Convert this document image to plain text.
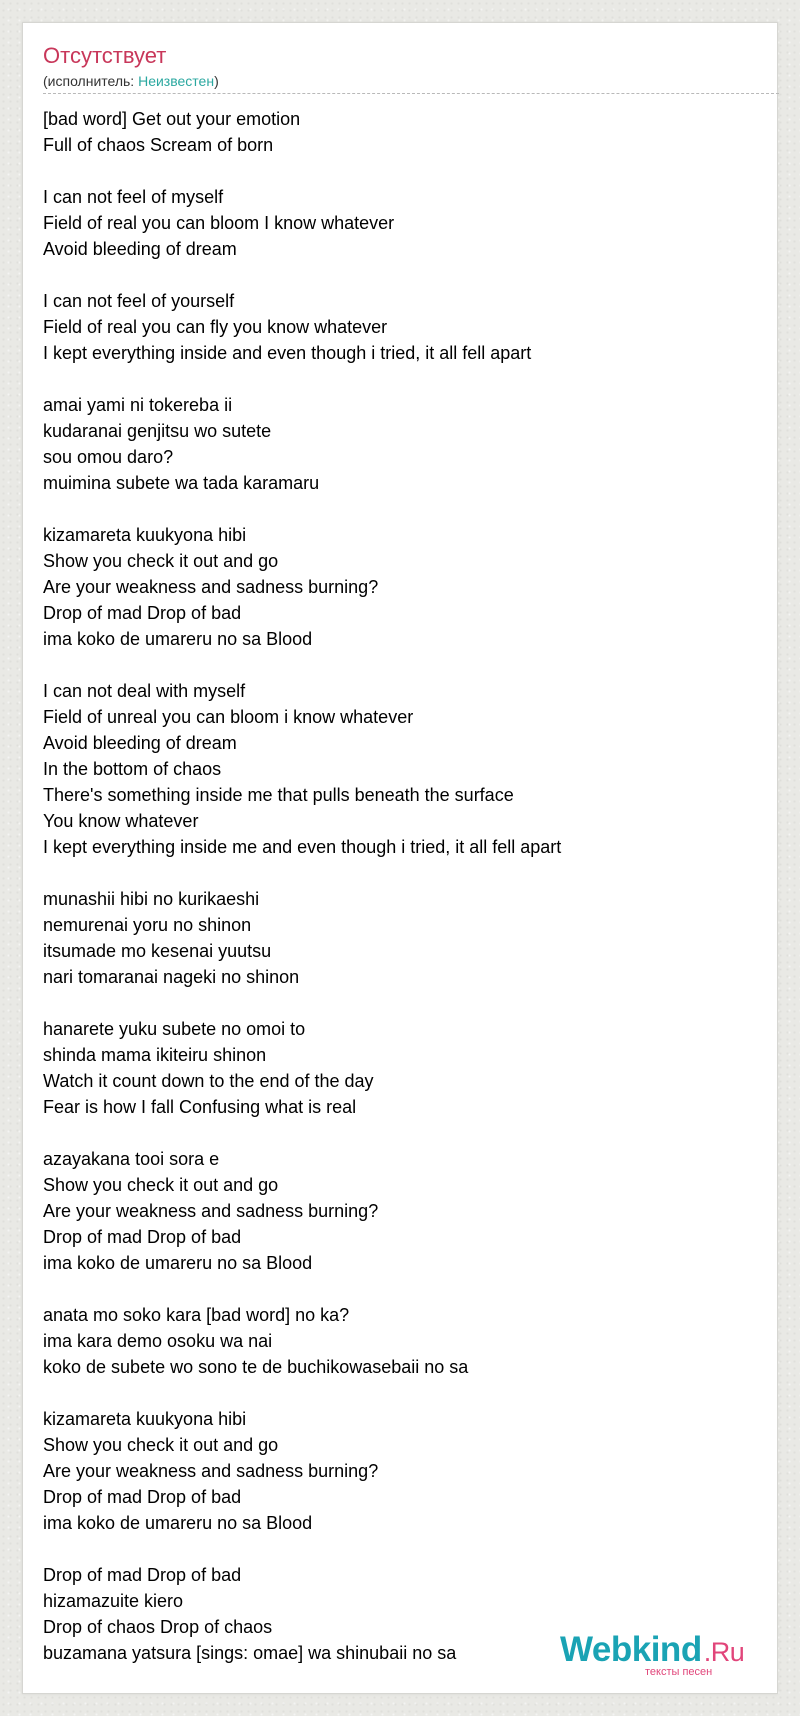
Отсутствует
(исполнитель: Неизвестен)
[bad word] Get out your emotion
Full of chaos Scream of born
I can not feel of myself
Field of real you can bloom I know whatever
Avoid bleeding of dream
I can not feel of yourself
Field of real you can fly you know whatever
I kept everything inside and even though i tried, it all fell apart
amai yami ni tokereba ii
kudaranai genjitsu wo sutete
sou omou daro?
muimina subete wa tada karamaru
kizamareta kuukyona hibi
Show you check it out and go
Are your weakness and sadness burning?
Drop of mad Drop of bad
ima koko de umareru no sa Blood
I can not deal with myself
Field of unreal you can bloom i know whatever
Avoid bleeding of dream
In the bottom of chaos
There's something inside me that pulls beneath the surface
You know whatever
I kept everything inside me and even though i tried, it all fell apart
munashii hibi no kurikaeshi
nemurenai yoru no shinon
itsumade mo kesenai yuutsu
nari tomaranai nageki no shinon
hanarete yuku subete no omoi to
shinda mama ikiteiru shinon
Watch it count down to the end of the day
Fear is how I fall Confusing what is real
azayakana tooi sora e
Show you check it out and go
Are your weakness and sadness burning?
Drop of mad Drop of bad
ima koko de umareru no sa Blood
anata mo soko kara [bad word] no ka?
ima kara demo osoku wa nai
koko de subete wo sono te de buchikowasebaii no sa
kizamareta kuukyona hibi
Show you check it out and go
Are your weakness and sadness burning?
Drop of mad Drop of bad
ima koko de umareru no sa Blood
Drop of mad Drop of bad
hizamazuite kiero
Drop of chaos Drop of chaos
buzamana yatsura [sings: omae] wa shinubaii no sa	Webkind.Ru
тексты песен
